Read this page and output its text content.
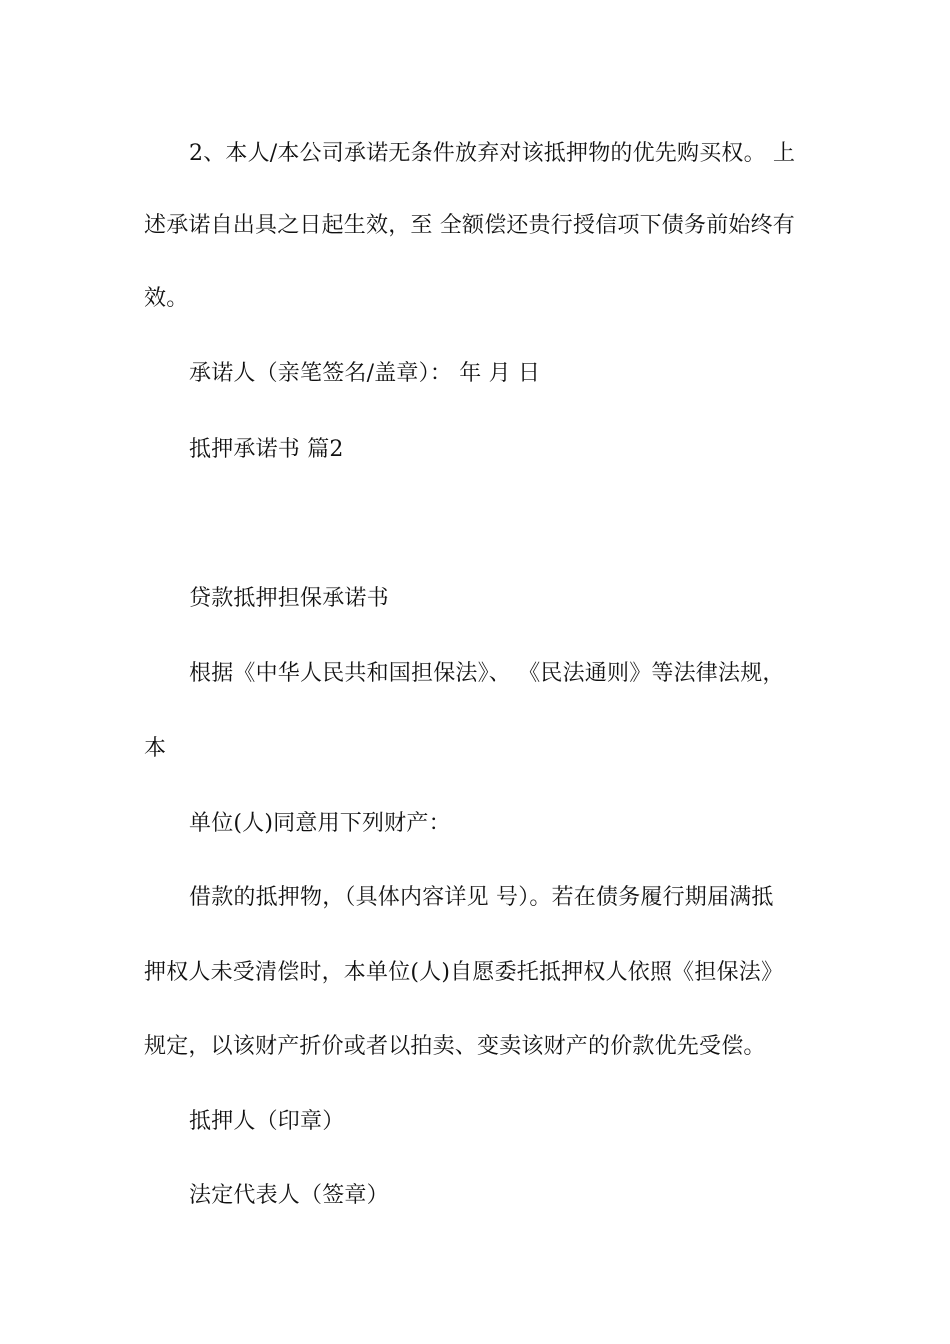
2、本人/本公司承诺无条件放弃对该抵押物的优先购买权。 上
述承诺自出具之日起生效，至 全额偿还贵行授信项下债务前始终有
效。
承诺人（亲笔签名/盖章）： 年 月 日
抵押承诺书 篇2
贷款抵押担保承诺书
根据《中华人民共和国担保法》、 《民法通则》等法律法规，
本
单位(人)同意用下列财产：
借款的抵押物，（具体内容详见 号）。若在债务履行期届满抵
押权人未受清偿时，本单位(人)自愿委托抵押权人依照《担保法》
规定，以该财产折价或者以拍卖、变卖该财产的价款优先受偿。
抵押人（印章）
法定代表人（签章）
